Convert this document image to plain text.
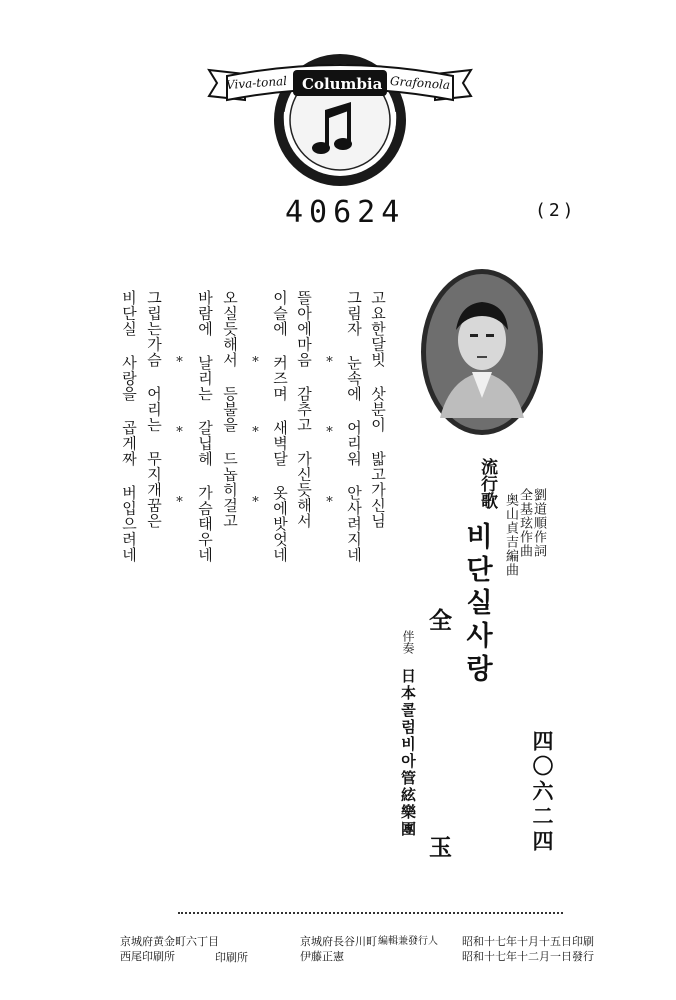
Viva-tonal Columbia Grafonola
40624	(2)
고요한달빗 삿분이 밟고가신님
그림자 눈속에 어리워 안사려지네
* * *
뜰아에마음 감추고 가신듯해서
이슬에 커즈며 새벽달 옷에밧엇네
* * *
오실듯해서 등불을 드놉히걸고
바람에 날리는 갈닙헤 가슴태우네
* * *
그립는가슴 어리는 무지개꿈은
비단실 사랑을 곱게짜 버입으려네	流行歌
劉道順作詞
全基玹作曲
奥山貞吉編曲
비단실사랑
四〇六二四
全
玉
伴奏
日本콜럼비아管絃樂團
昭和十七年十月十五日印刷
昭和十七年十二月一日發行
編輯兼發行人
京城府長谷川町
伊藤正憲
印刷所
京城府黄金町六丁目
西尾印刷所
